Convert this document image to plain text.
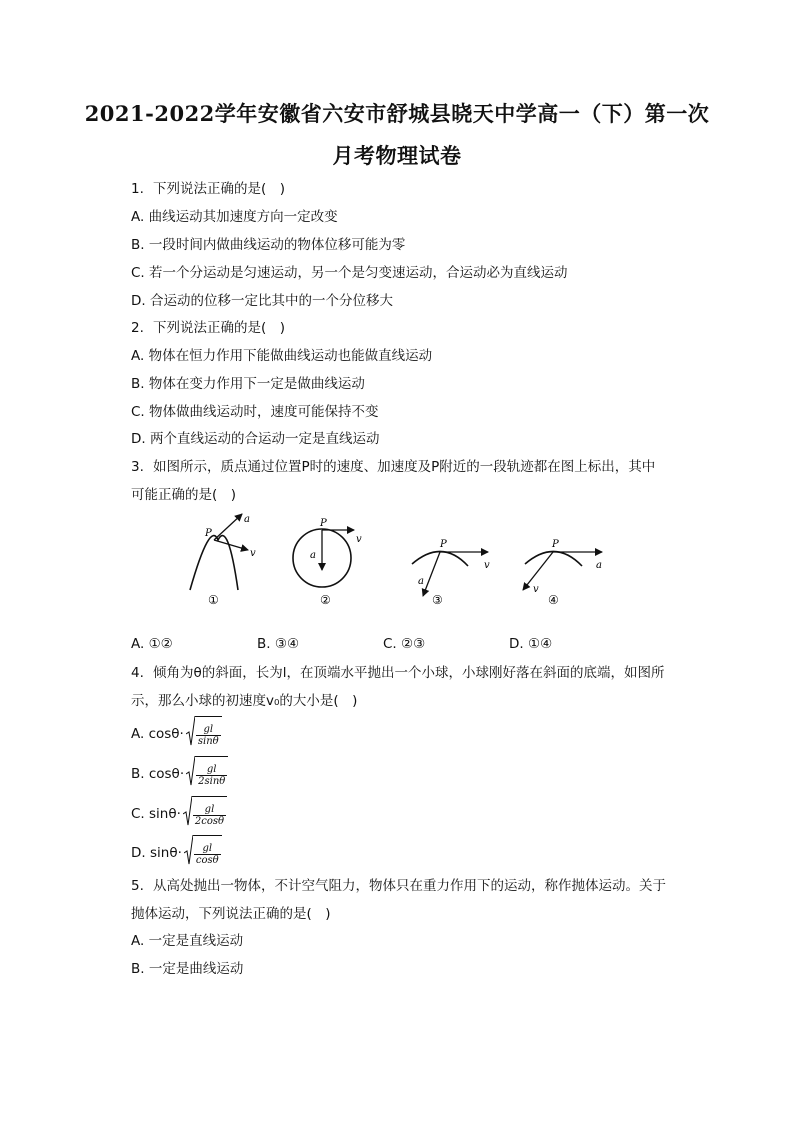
2021-2022学年安徽省六安市舒城县晓天中学高一（下）第一次
月考物理试卷
1. 下列说法正确的是(　)
A. 曲线运动其加速度方向一定改变
B. 一段时间内做曲线运动的物体位移可能为零
C. 若一个分运动是匀速运动，另一个是匀变速运动，合运动必为直线运动
D. 合运动的位移一定比其中的一个分位移大
2. 下列说法正确的是(　)
A. 物体在恒力作用下能做曲线运动也能做直线运动
B. 物体在变力作用下一定是做曲线运动
C. 物体做曲线运动时，速度可能保持不变
D. 两个直线运动的合运动一定是直线运动
3. 如图所示，质点通过位置P时的速度、加速度及P附近的一段轨迹都在图上标出，其中
可能正确的是(　)
P
a
v
①
P
v
a
②
P
v
a
③
P
a
v
④
A. ①②	B. ③④	C. ②③	D. ①④
4. 倾角为θ的斜面，长为l，在顶端水平抛出一个小球，小球刚好落在斜面的底端，如图所
示，那么小球的初速度v₀的大小是(　)
A. $\cos\theta\cdot \frac{gl}{\sin\theta}$
B. $\cos\theta\cdot \frac{gl}{2\sin\theta}$
C. $\sin\theta\cdot \frac{gl}{2\cos\theta}$
D. $\sin\theta\cdot \frac{gl}{\cos\theta}$
5. 从高处抛出一物体，不计空气阻力，物体只在重力作用下的运动，称作抛体运动。关于
抛体运动，下列说法正确的是(　)
A. 一定是直线运动
B. 一定是曲线运动
